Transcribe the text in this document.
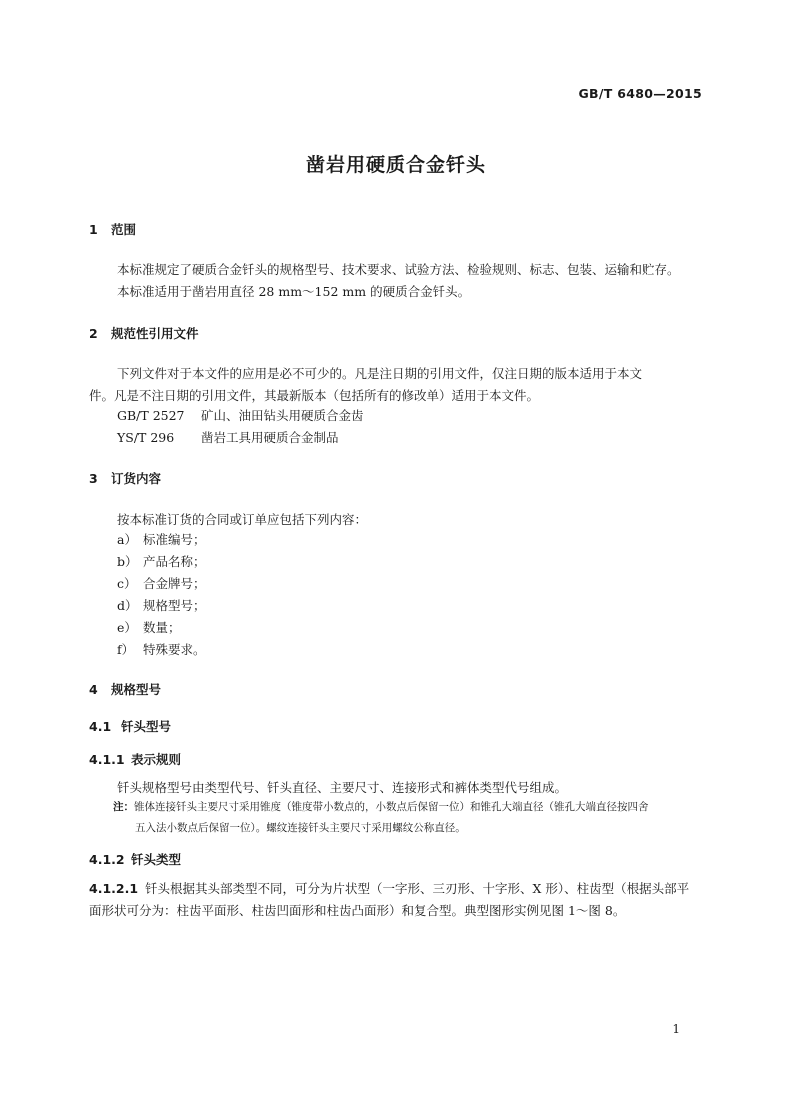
GB/T 6480—2015
凿岩用硬质合金钎头
1 范围
本标准规定了硬质合金钎头的规格型号、技术要求、试验方法、检验规则、标志、包装、运输和贮存。
本标准适用于凿岩用直径 28 mm～152 mm 的硬质合金钎头。
2 规范性引用文件
下列文件对于本文件的应用是必不可少的。凡是注日期的引用文件，仅注日期的版本适用于本文
件。凡是不注日期的引用文件，其最新版本（包括所有的修改单）适用于本文件。
GB/T 2527 矿山、油田钻头用硬质合金齿
YS/T 296 凿岩工具用硬质合金制品
3 订货内容
按本标准订货的合同或订单应包括下列内容：
a） 标准编号；
b） 产品名称；
c） 合金牌号；
d） 规格型号；
e） 数量；
f） 特殊要求。
4 规格型号
4.1 钎头型号
4.1.1 表示规则
钎头规格型号由类型代号、钎头直径、主要尺寸、连接形式和裤体类型代号组成。
注：锥体连接钎头主要尺寸采用锥度（锥度带小数点的，小数点后保留一位）和锥孔大端直径（锥孔大端直径按四舍
五入法小数点后保留一位）。螺纹连接钎头主要尺寸采用螺纹公称直径。
4.1.2 钎头类型
4.1.2.1 钎头根据其头部类型不同，可分为片状型（一字形、三刃形、十字形、X 形）、柱齿型（根据头部平
面形状可分为：柱齿平面形、柱齿凹面形和柱齿凸面形）和复合型。典型图形实例见图 1～图 8。
1
